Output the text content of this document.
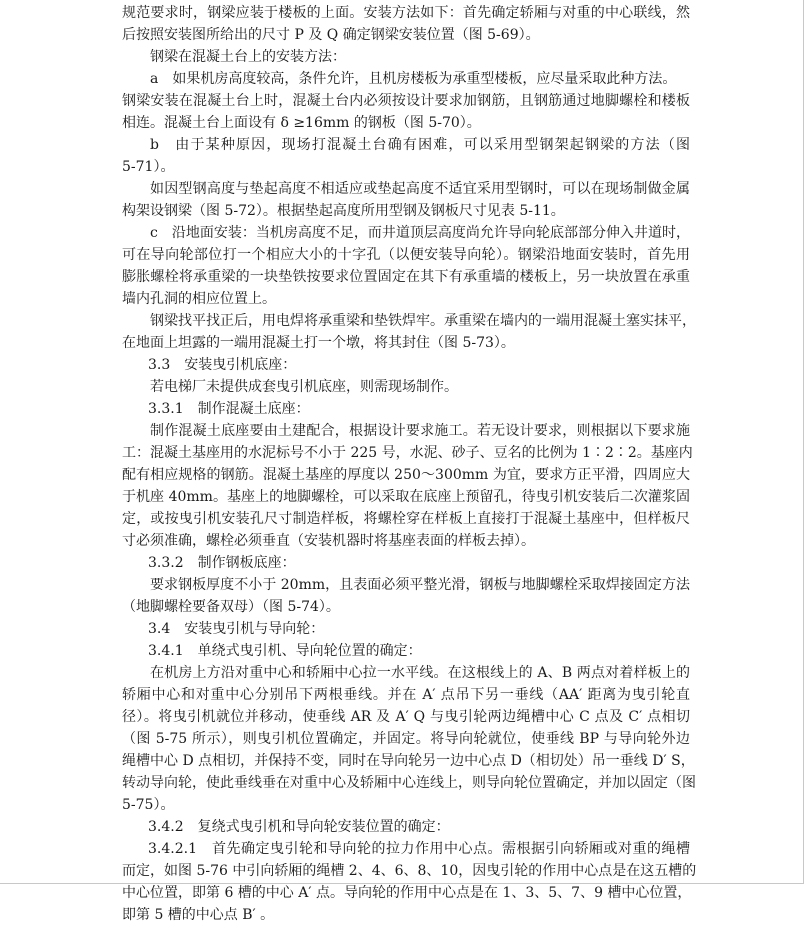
规范要求时，钢梁应装于楼板的上面。安装方法如下：首先确定轿厢与对重的中心联线，然
后按照安装图所给出的尺寸 P 及 Q 确定钢梁安装位置（图 5-69）。
钢梁在混凝土台上的安装方法：
a　如果机房高度较高，条件允许，且机房楼板为承重型楼板，应尽量采取此种方法。
钢梁安装在混凝土台上时，混凝土台内必须按设计要求加钢筋，且钢筋通过地脚螺栓和楼板
相连。混凝土台上面设有 δ ≥16mm 的钢板（图 5-70）。
b　由于某种原因，现场打混凝土台确有困难，可以采用型钢架起钢梁的方法（图
5-71）。
如因型钢高度与垫起高度不相适应或垫起高度不适宜采用型钢时，可以在现场制做金属
构架设钢梁（图 5-72）。根据垫起高度所用型钢及钢板尺寸见表 5-11。
c　沿地面安装：当机房高度不足，而井道顶层高度尚允许导向轮底部部分伸入井道时，
可在导向轮部位打一个相应大小的十字孔（以便安装导向轮）。钢梁沿地面安装时，首先用
膨胀螺栓将承重梁的一块垫铁按要求位置固定在其下有承重墙的楼板上，另一块放置在承重
墙内孔洞的相应位置上。
钢梁找平找正后，用电焊将承重梁和垫铁焊牢。承重梁在墙内的一端用混凝土塞实抹平，
在地面上坦露的一端用混凝土打一个墩，将其封住（图 5-73）。
3.3　安装曳引机底座：
若电梯厂未提供成套曳引机底座，则需现场制作。
3.3.1　制作混凝土底座：
制作混凝土底座要由土建配合，根据设计要求施工。若无设计要求，则根据以下要求施
工：混凝土基座用的水泥标号不小于 225 号，水泥、砂子、豆名的比例为 1∶2∶2。基座内
配有相应规格的钢筋。混凝土基座的厚度以 250～300mm 为宜，要求方正平滑，四周应大
于机座 40mm。基座上的地脚螺栓，可以采取在底座上预留孔，待曳引机安装后二次灌浆固
定，或按曳引机安装孔尺寸制造样板，将螺栓穿在样板上直接打于混凝土基座中，但样板尺
寸必须准确，螺栓必须垂直（安装机器时将基座表面的样板去掉）。
3.3.2　制作钢板底座：
要求钢板厚度不小于 20mm，且表面必须平整光滑，钢板与地脚螺栓采取焊接固定方法
（地脚螺栓要备双母）（图 5-74）。
3.4　安装曳引机与导向轮：
3.4.1　单绕式曳引机、导向轮位置的确定：
在机房上方沿对重中心和轿厢中心拉一水平线。在这根线上的 A、B 两点对着样板上的
轿厢中心和对重中心分别吊下两根垂线。并在 A′ 点吊下另一垂线（AA′ 距离为曳引轮直
径）。将曳引机就位并移动，使垂线 AR 及 A′ Q 与曳引轮两边绳槽中心 C 点及 C′ 点相切
（图 5-75 所示），则曳引机位置确定，并固定。将导向轮就位，使垂线 BP 与导向轮外边
绳槽中心 D 点相切，并保持不变，同时在导向轮另一边中心点 D（相切处）吊一垂线 D′ S，
转动导向轮，使此垂线垂在对重中心及轿厢中心连线上，则导向轮位置确定，并加以固定（图
5-75）。
3.4.2　复绕式曳引机和导向轮安装位置的确定：
3.4.2.1　首先确定曳引轮和导向轮的拉力作用中心点。需根据引向轿厢或对重的绳槽
而定，如图 5-76 中引向轿厢的绳槽 2、4、6、8、10，因曳引轮的作用中心点是在这五槽的
中心位置，即第 6 槽的中心 A′ 点。导向轮的作用中心点是在 1、3、5、7、9 槽中心位置，
即第 5 槽的中心点 B′ 。
